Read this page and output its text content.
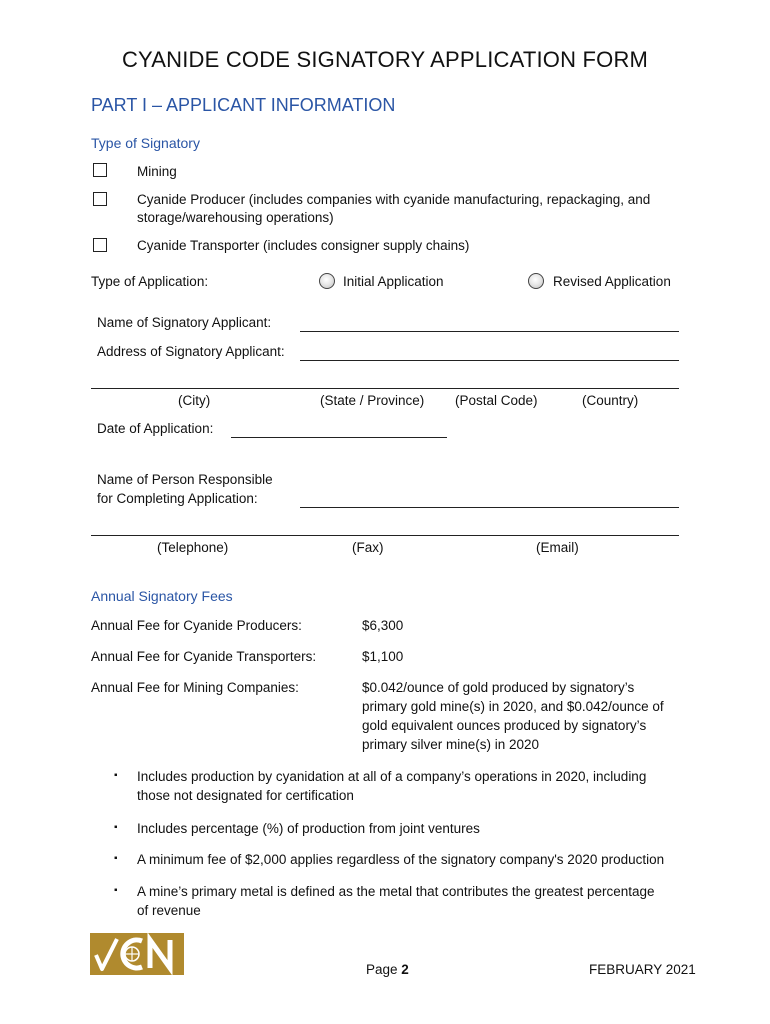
CYANIDE CODE SIGNATORY APPLICATION FORM
PART I – APPLICANT INFORMATION
Type of Signatory
Mining
Cyanide Producer (includes companies with cyanide manufacturing, repackaging, and
storage/warehousing operations)
Cyanide Transporter (includes consigner supply chains)
Type of Application:	Initial Application	Revised Application
Name of Signatory Applicant:
Address of Signatory Applicant:
(City)	(State / Province) (Postal Code)	(Country)
Date of Application:
Name of Person Responsible
for Completing Application:
(Telephone)	(Fax)	(Email)
Annual Signatory Fees
Annual Fee for Cyanide Producers:	$6,300
Annual Fee for Cyanide Transporters:	$1,100
Annual Fee for Mining Companies:	$0.042/ounce of gold produced by signatory’s
primary gold mine(s) in 2020, and $0.042/ounce of
gold equivalent ounces produced by signatory’s
primary silver mine(s) in 2020
▪ Includes production by cyanidation at all of a company’s operations in 2020, including
those not designated for certification
▪ Includes percentage (%) of production from joint ventures
▪ A minimum fee of $2,000 applies regardless of the signatory company's 2020 production
▪ A mine’s primary metal is defined as the metal that contributes the greatest percentage
of revenue
Page 2	FEBRUARY 2021
